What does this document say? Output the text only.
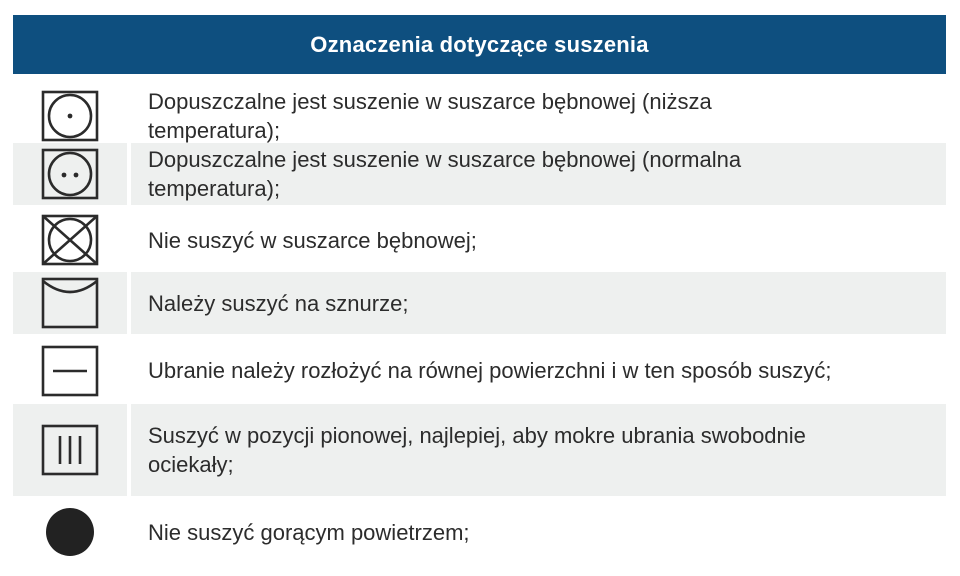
Oznaczenia dotyczące suszenia
Dopuszczalne jest suszenie w suszarce bębnowej (niższa temperatura);
Dopuszczalne jest suszenie w suszarce bębnowej (normalna temperatura);
Nie suszyć w suszarce bębnowej;
Należy suszyć na sznurze;
Ubranie należy rozłożyć na równej powierzchni i w ten sposób suszyć;
Suszyć w pozycji pionowej, najlepiej, aby mokre ubrania swobodnie ociekały;
Nie suszyć gorącym powietrzem;
